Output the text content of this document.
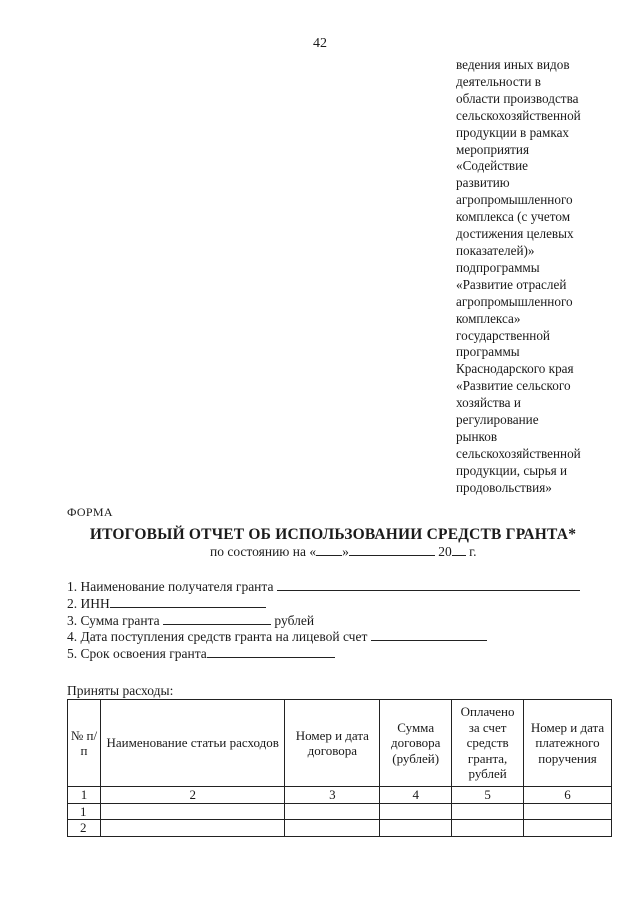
42
ведения иных видов
деятельности в
области производства
сельскохозяйственной
продукции в рамках
мероприятия
«Содействие
развитию
агропромышленного
комплекса (с учетом
достижения целевых
показателей)»
подпрограммы
«Развитие отраслей
агропромышленного
комплекса»
государственной
программы
Краснодарского края
«Развитие сельского
хозяйства и
регулирование
рынков
сельскохозяйственной
продукции, сырья и
продовольствия»
ФОРМА
ИТОГОВЫЙ ОТЧЕТ ОБ ИСПОЛЬЗОВАНИИ СРЕДСТВ ГРАНТА*
по состоянию на « »	20 г.
1. Наименование получателя гранта
2. ИНН
3. Сумма гранта	рублей
4. Дата поступления средств гранта на лицевой счет
5. Срок освоения гранта
Приняты расходы:
№ п/п	Наименование статьи расходов	Номер и дата договора	Сумма договора (рублей)	Оплачено за счет средств гранта, рублей	Номер и дата платежного поручения
1	2	3	4	5	6
1					
2					
